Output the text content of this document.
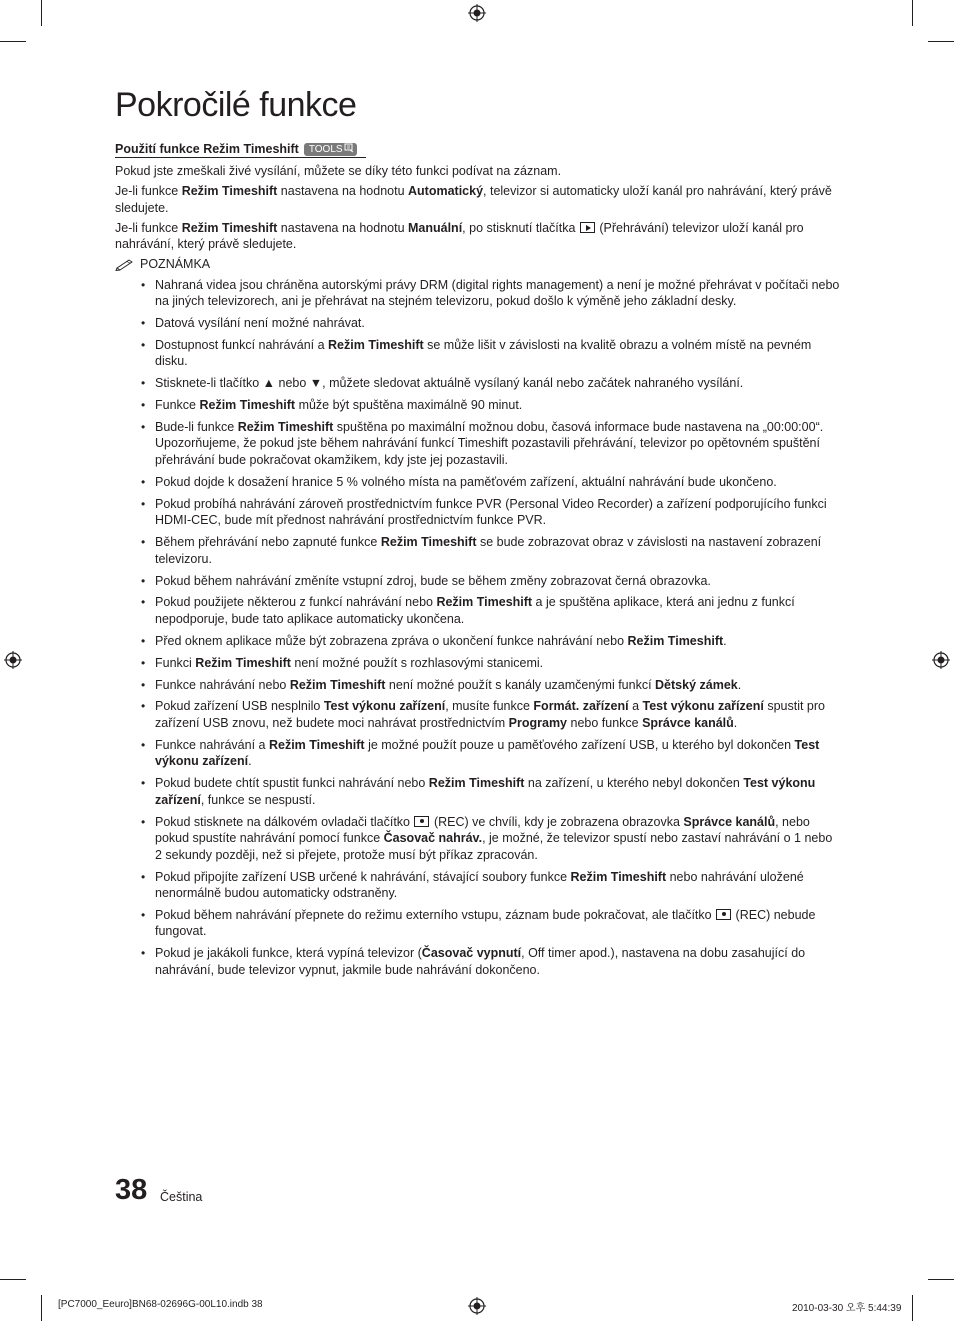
Pokročilé funkce
Použití funkce Režim Timeshift TOOLS

Pokud jste zmeškali živé vysílání, můžete se díky této funkci podívat na záznam.

Je-li funkce Režim Timeshift nastavena na hodnotu Automatický, televizor si automaticky uloží kanál pro nahrávání, který právě sledujete.

Je-li funkce Režim Timeshift nastavena na hodnotu Manuální, po stisknutí tlačítka  (Přehrávání) televizor uloží kanál pro nahrávání, který právě sledujete.

POZNÁMKA
• Nahraná videa jsou chráněna autorskými právy DRM (digital rights management) a není je možné přehrávat v počítači nebo na jiných televizorech, ani je přehrávat na stejném televizoru, pokud došlo k výměně jeho základní desky.
• Datová vysílání není možné nahrávat.
• Dostupnost funkcí nahrávání a Režim Timeshift se může lišit v závislosti na kvalitě obrazu a volném místě na pevném disku.
• Stisknete-li tlačítko ▲ nebo ▼, můžete sledovat aktuálně vysílaný kanál nebo začátek nahraného vysílání.
• Funkce Režim Timeshift může být spuštěna maximálně 90 minut.
• Bude-li funkce Režim Timeshift spuštěna po maximální možnou dobu, časová informace bude nastavena na „00:00:00“. Upozorňujeme, že pokud jste během nahrávání funkcí Timeshift pozastavili přehrávání, televizor po opětovném spuštění přehrávání bude pokračovat okamžikem, kdy jste jej pozastavili.
• Pokud dojde k dosažení hranice 5 % volného místa na paměťovém zařízení, aktuální nahrávání bude ukončeno.
• Pokud probíhá nahrávání zároveň prostřednictvím funkce PVR (Personal Video Recorder) a zařízení podporujícího funkci HDMI-CEC, bude mít přednost nahrávání prostřednictvím funkce PVR.
• Během přehrávání nebo zapnuté funkce Režim Timeshift se bude zobrazovat obraz v závislosti na nastavení zobrazení televizoru.
• Pokud během nahrávání změníte vstupní zdroj, bude se během změny zobrazovat černá obrazovka.
• Pokud použijete některou z funkcí nahrávání nebo Režim Timeshift a je spuštěna aplikace, která ani jednu z funkcí nepodporuje, bude tato aplikace automaticky ukončena.
• Před oknem aplikace může být zobrazena zpráva o ukončení funkce nahrávání nebo Režim Timeshift.
• Funkci Režim Timeshift není možné použít s rozhlasovými stanicemi.
• Funkce nahrávání nebo Režim Timeshift není možné použít s kanály uzamčenými funkcí Dětský zámek.
• Pokud zařízení USB nesplnilo Test výkonu zařízení, musíte funkce Formát. zařízení a Test výkonu zařízení spustit pro zařízení USB znovu, než budete moci nahrávat prostřednictvím Programy nebo funkce Správce kanálů.
• Funkce nahrávání a Režim Timeshift je možné použít pouze u paměťového zařízení USB, u kterého byl dokončen Test výkonu zařízení.
• Pokud budete chtít spustit funkci nahrávání nebo Režim Timeshift na zařízení, u kterého nebyl dokončen Test výkonu zařízení, funkce se nespustí.
• Pokud stisknete na dálkovém ovladači tlačítko  (REC) ve chvíli, kdy je zobrazena obrazovka Správce kanálů, nebo pokud spustíte nahrávání pomocí funkce Časovač nahráv., je možné, že televizor spustí nebo zastaví nahrávání o 1 nebo 2 sekundy později, než si přejete, protože musí být příkaz zpracován.
• Pokud připojíte zařízení USB určené k nahrávání, stávající soubory funkce Režim Timeshift nebo nahrávání uložené nenormálně budou automaticky odstraněny.
• Pokud během nahrávání přepnete do režimu externího vstupu, záznam bude pokračovat, ale tlačítko  (REC) nebude fungovat.
• Pokud je jakákoli funkce, která vypíná televizor (Časovač vypnutí, Off timer apod.), nastavena na dobu zasahující do nahrávání, bude televizor vypnut, jakmile bude nahrávání dokončeno.
38 Čeština
[PC7000_Eeuro]BN68-02696G-00L10.indb 38	2010-03-30 오후 5:44:39
